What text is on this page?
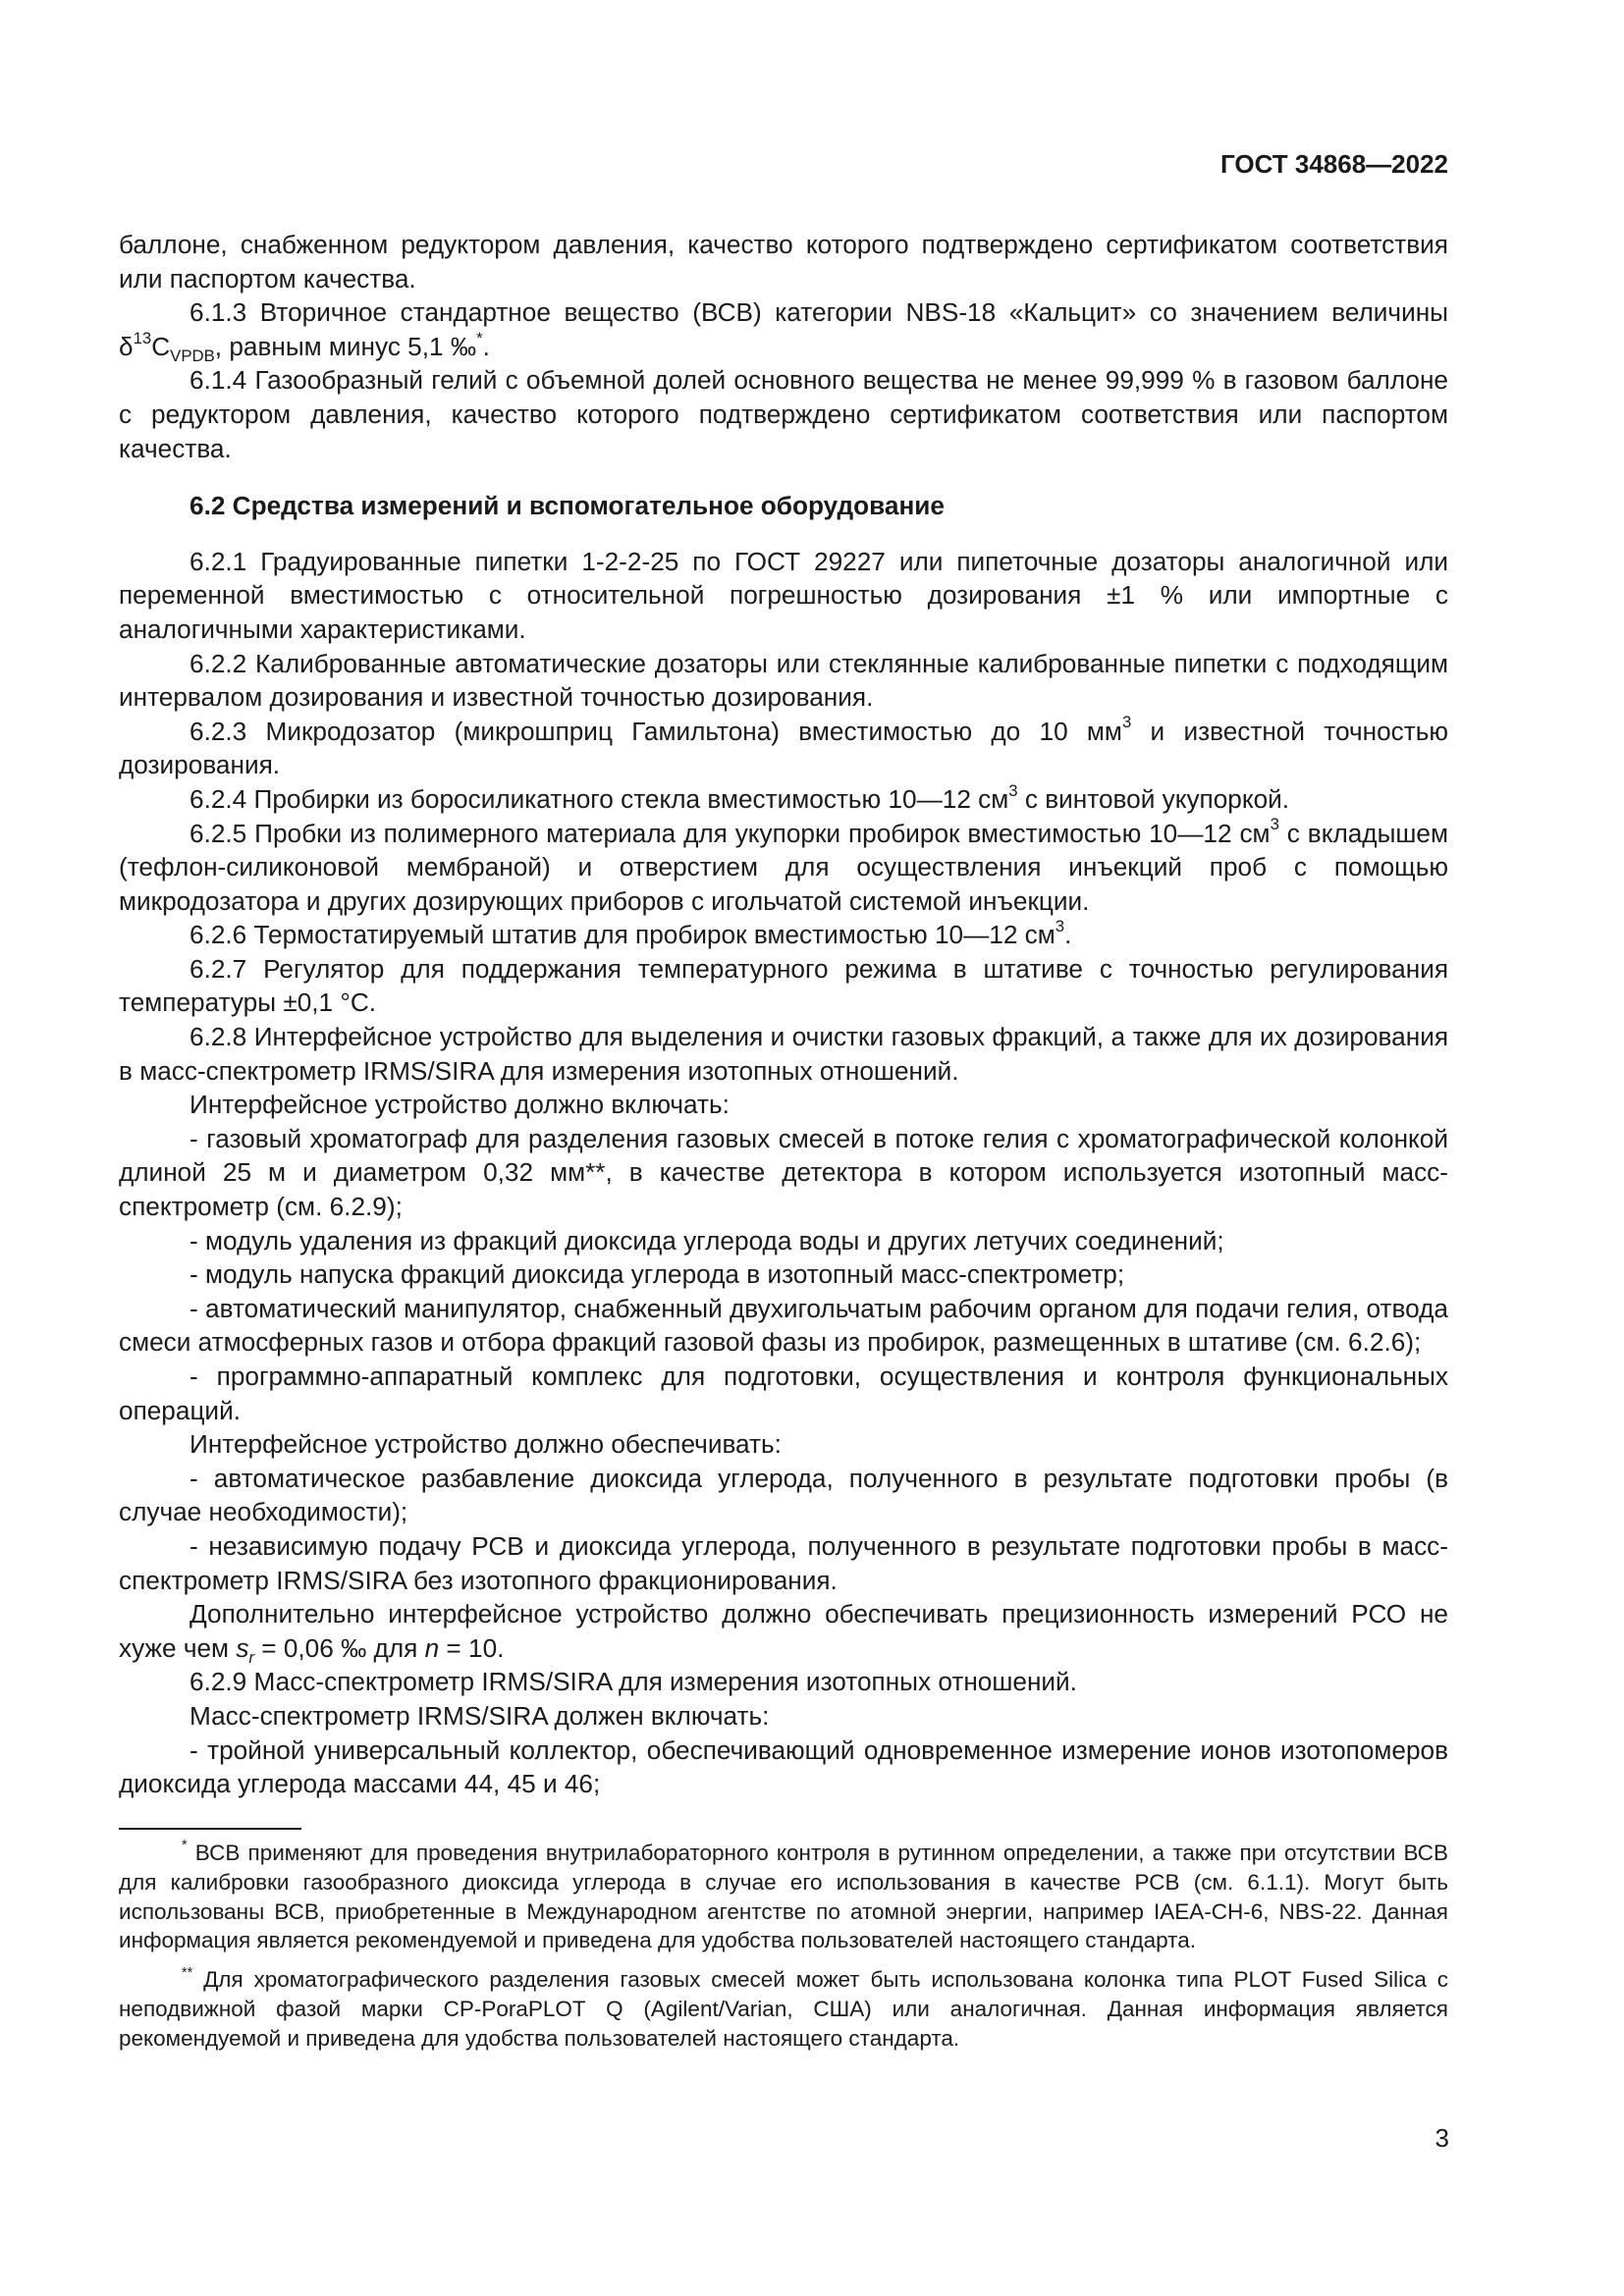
ГОСТ 34868—2022

баллоне, снабженном редуктором давления, качество которого подтверждено сертификатом соответствия или паспортом качества.

6.1.3 Вторичное стандартное вещество (ВСВ) категории NBS-18 «Кальцит» со значением величины $\delta^{13}C_{VPDB}$, равным минус 5,1 ‰*.

6.1.4 Газообразный гелий с объемной долей основного вещества не менее 99,999 % в газовом баллоне с редуктором давления, качество которого подтверждено сертификатом соответствия или паспортом качества.

6.2 Средства измерений и вспомогательное оборудование

6.2.1 Градуированные пипетки 1-2-2-25 по ГОСТ 29227 или пипеточные дозаторы аналогичной или переменной вместимостью с относительной погрешностью дозирования ±1 % или импортные с аналогичными характеристиками.

6.2.2 Калиброванные автоматические дозаторы или стеклянные калиброванные пипетки с подходящим интервалом дозирования и известной точностью дозирования.

6.2.3 Микродозатор (микрошприц Гамильтона) вместимостью до 10 $мм^3$ и известной точностью дозирования.

6.2.4 Пробирки из боросиликатного стекла вместимостью 10—12 $см^3$ с винтовой укупоркой.

6.2.5 Пробки из полимерного материала для укупорки пробирок вместимостью 10—12 $см^3$ с вкладышем (тефлон-силиконовой мембраной) и отверстием для осуществления инъекций проб с помощью микродозатора и других дозирующих приборов с игольчатой системой инъекции.

6.2.6 Термостатируемый штатив для пробирок вместимостью 10—12 $см^3$.

6.2.7 Регулятор для поддержания температурного режима в штативе с точностью регулирования температуры ±0,1 °С.

6.2.8 Интерфейсное устройство для выделения и очистки газовых фракций, а также для их дозирования в масс-спектрометр IRMS/SIRA для измерения изотопных отношений.

Интерфейсное устройство должно включать:

- газовый хроматограф для разделения газовых смесей в потоке гелия с хроматографической колонкой длиной 25 м и диаметром 0,32 мм**, в качестве детектора в котором используется изотопный масс-спектрометр (см. 6.2.9);

- модуль удаления из фракций диоксида углерода воды и других летучих соединений;

- модуль напуска фракций диоксида углерода в изотопный масс-спектрометр;

- автоматический манипулятор, снабженный двухигольчатым рабочим органом для подачи гелия, отвода смеси атмосферных газов и отбора фракций газовой фазы из пробирок, размещенных в штативе (см. 6.2.6);

- программно-аппаратный комплекс для подготовки, осуществления и контроля функциональных операций.

Интерфейсное устройство должно обеспечивать:

- автоматическое разбавление диоксида углерода, полученного в результате подготовки пробы (в случае необходимости);

- независимую подачу РСВ и диоксида углерода, полученного в результате подготовки пробы в масс-спектрометр IRMS/SIRA без изотопного фракционирования.

Дополнительно интерфейсное устройство должно обеспечивать прецизионность измерений РСО не хуже чем $s_r = 0,06$ ‰ для n = 10.

6.2.9 Масс-спектрометр IRMS/SIRA для измерения изотопных отношений.

Масс-спектрометр IRMS/SIRA должен включать:

- тройной универсальный коллектор, обеспечивающий одновременное измерение ионов изотопомеров диоксида углерода массами 44, 45 и 46;

* ВСВ применяют для проведения внутрилабораторного контроля в рутинном определении, а также при отсутствии ВСВ для калибровки газообразного диоксида углерода в случае его использования в качестве РСВ (см. 6.1.1). Могут быть использованы ВСВ, приобретенные в Международном агентстве по атомной энергии, например IAEA-CH-6, NBS-22. Данная информация является рекомендуемой и приведена для удобства пользователей настоящего стандарта.

** Для хроматографического разделения газовых смесей может быть использована колонка типа PLOT Fused Silica с неподвижной фазой марки CP-PoraPLOT Q (Agilent/Varian, США) или аналогичная. Данная информация является рекомендуемой и приведена для удобства пользователей настоящего стандарта.

3
